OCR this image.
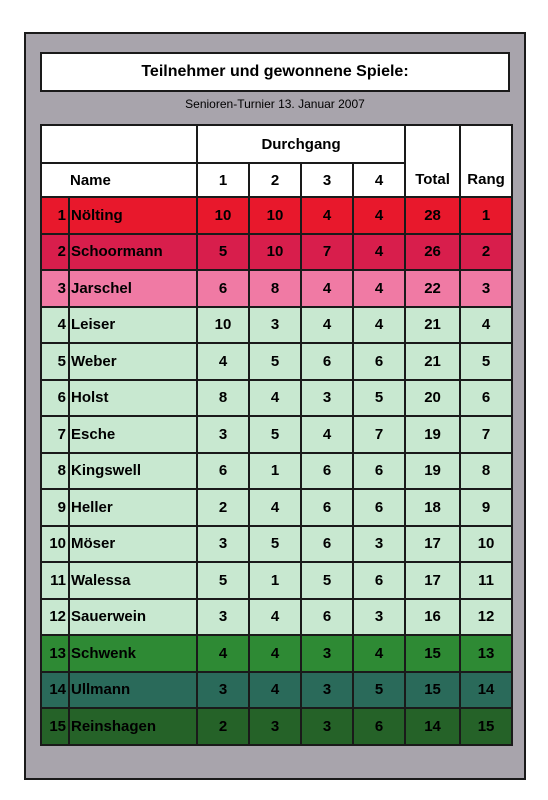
Teilnehmer und gewonnene Spiele:
Senioren-Turnier 13. Januar 2007
		Durchgang				Total	Rang
	Name	1	2	3	4		
1	Nölting	10	10	4	4	28	1
2	Schoormann	5	10	7	4	26	2
3	Jarschel	6	8	4	4	22	3
4	Leiser	10	3	4	4	21	4
5	Weber	4	5	6	6	21	5
6	Holst	8	4	3	5	20	6
7	Esche	3	5	4	7	19	7
8	Kingswell	6	1	6	6	19	8
9	Heller	2	4	6	6	18	9
10	Möser	3	5	6	3	17	10
11	Walessa	5	1	5	6	17	11
12	Sauerwein	3	4	6	3	16	12
13	Schwenk	4	4	3	4	15	13
14	Ullmann	3	4	3	5	15	14
15	Reinshagen	2	3	3	6	14	15
